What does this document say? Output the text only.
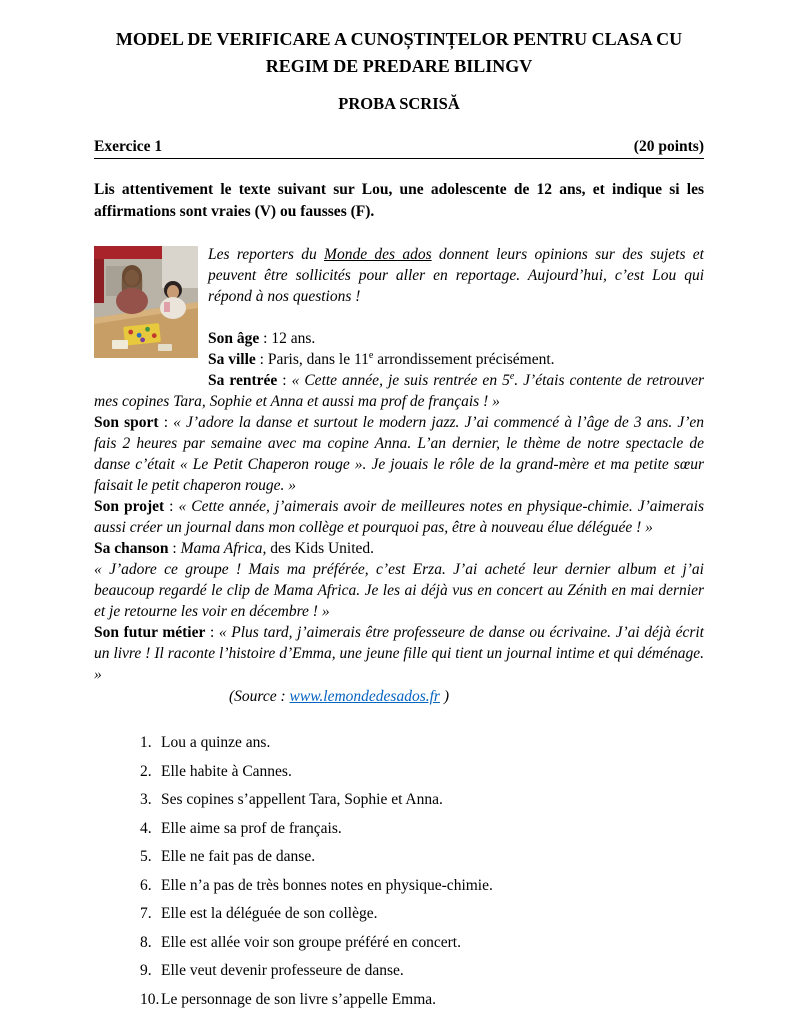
MODEL DE VERIFICARE A CUNOȘTINȚELOR PENTRU CLASA CU
REGIM DE PREDARE BILINGV
PROBA SCRISĂ
Exercice 1	(20 points)

Lis attentivement le texte suivant sur Lou, une adolescente de 12 ans, et indique si les affirmations sont vraies (V) ou fausses (F).

Les reporters du Monde des ados donnent leurs opinions sur des sujets et peuvent être sollicités pour aller en reportage. Aujourd’hui, c’est Lou qui répond à nos questions !

Son âge : 12 ans.

Sa ville : Paris, dans le 11e arrondissement précisément.

Sa rentrée : « Cette année, je suis rentrée en 5e. J’étais contente de retrouver mes copines Tara, Sophie et Anna et aussi ma prof de français ! »

Son sport : « J’adore la danse et surtout le modern jazz. J’ai commencé à l’âge de 3 ans. J’en fais 2 heures par semaine avec ma copine Anna. L’an dernier, le thème de notre spectacle de danse c’était « Le Petit Chaperon rouge ». Je jouais le rôle de la grand-mère et ma petite sœur faisait le petit chaperon rouge. »

Son projet : « Cette année, j’aimerais avoir de meilleures notes en physique-chimie. J’aimerais aussi créer un journal dans mon collège et pourquoi pas, être à nouveau élue déléguée ! »

Sa chanson : Mama Africa, des Kids United.

« J’adore ce groupe ! Mais ma préférée, c’est Erza. J’ai acheté leur dernier album et j’ai beaucoup regardé le clip de Mama Africa. Je les ai déjà vus en concert au Zénith en mai dernier et je retourne les voir en décembre ! »

Son futur métier : « Plus tard, j’aimerais être professeure de danse ou écrivaine. J’ai déjà écrit un livre ! Il raconte l’histoire d’Emma, une jeune fille qui tient un journal intime et qui déménage. »

(Source : www.lemondedesados.fr )

1. Lou a quinze ans.
2. Elle habite à Cannes.
3. Ses copines s’appellent Tara, Sophie et Anna.
4. Elle aime sa prof de français.
5. Elle ne fait pas de danse.
6. Elle n’a pas de très bonnes notes en physique-chimie.
7. Elle est la déléguée de son collège.
8. Elle est allée voir son groupe préféré en concert.
9. Elle veut devenir professeure de danse.
10. Le personnage de son livre s’appelle Emma.
